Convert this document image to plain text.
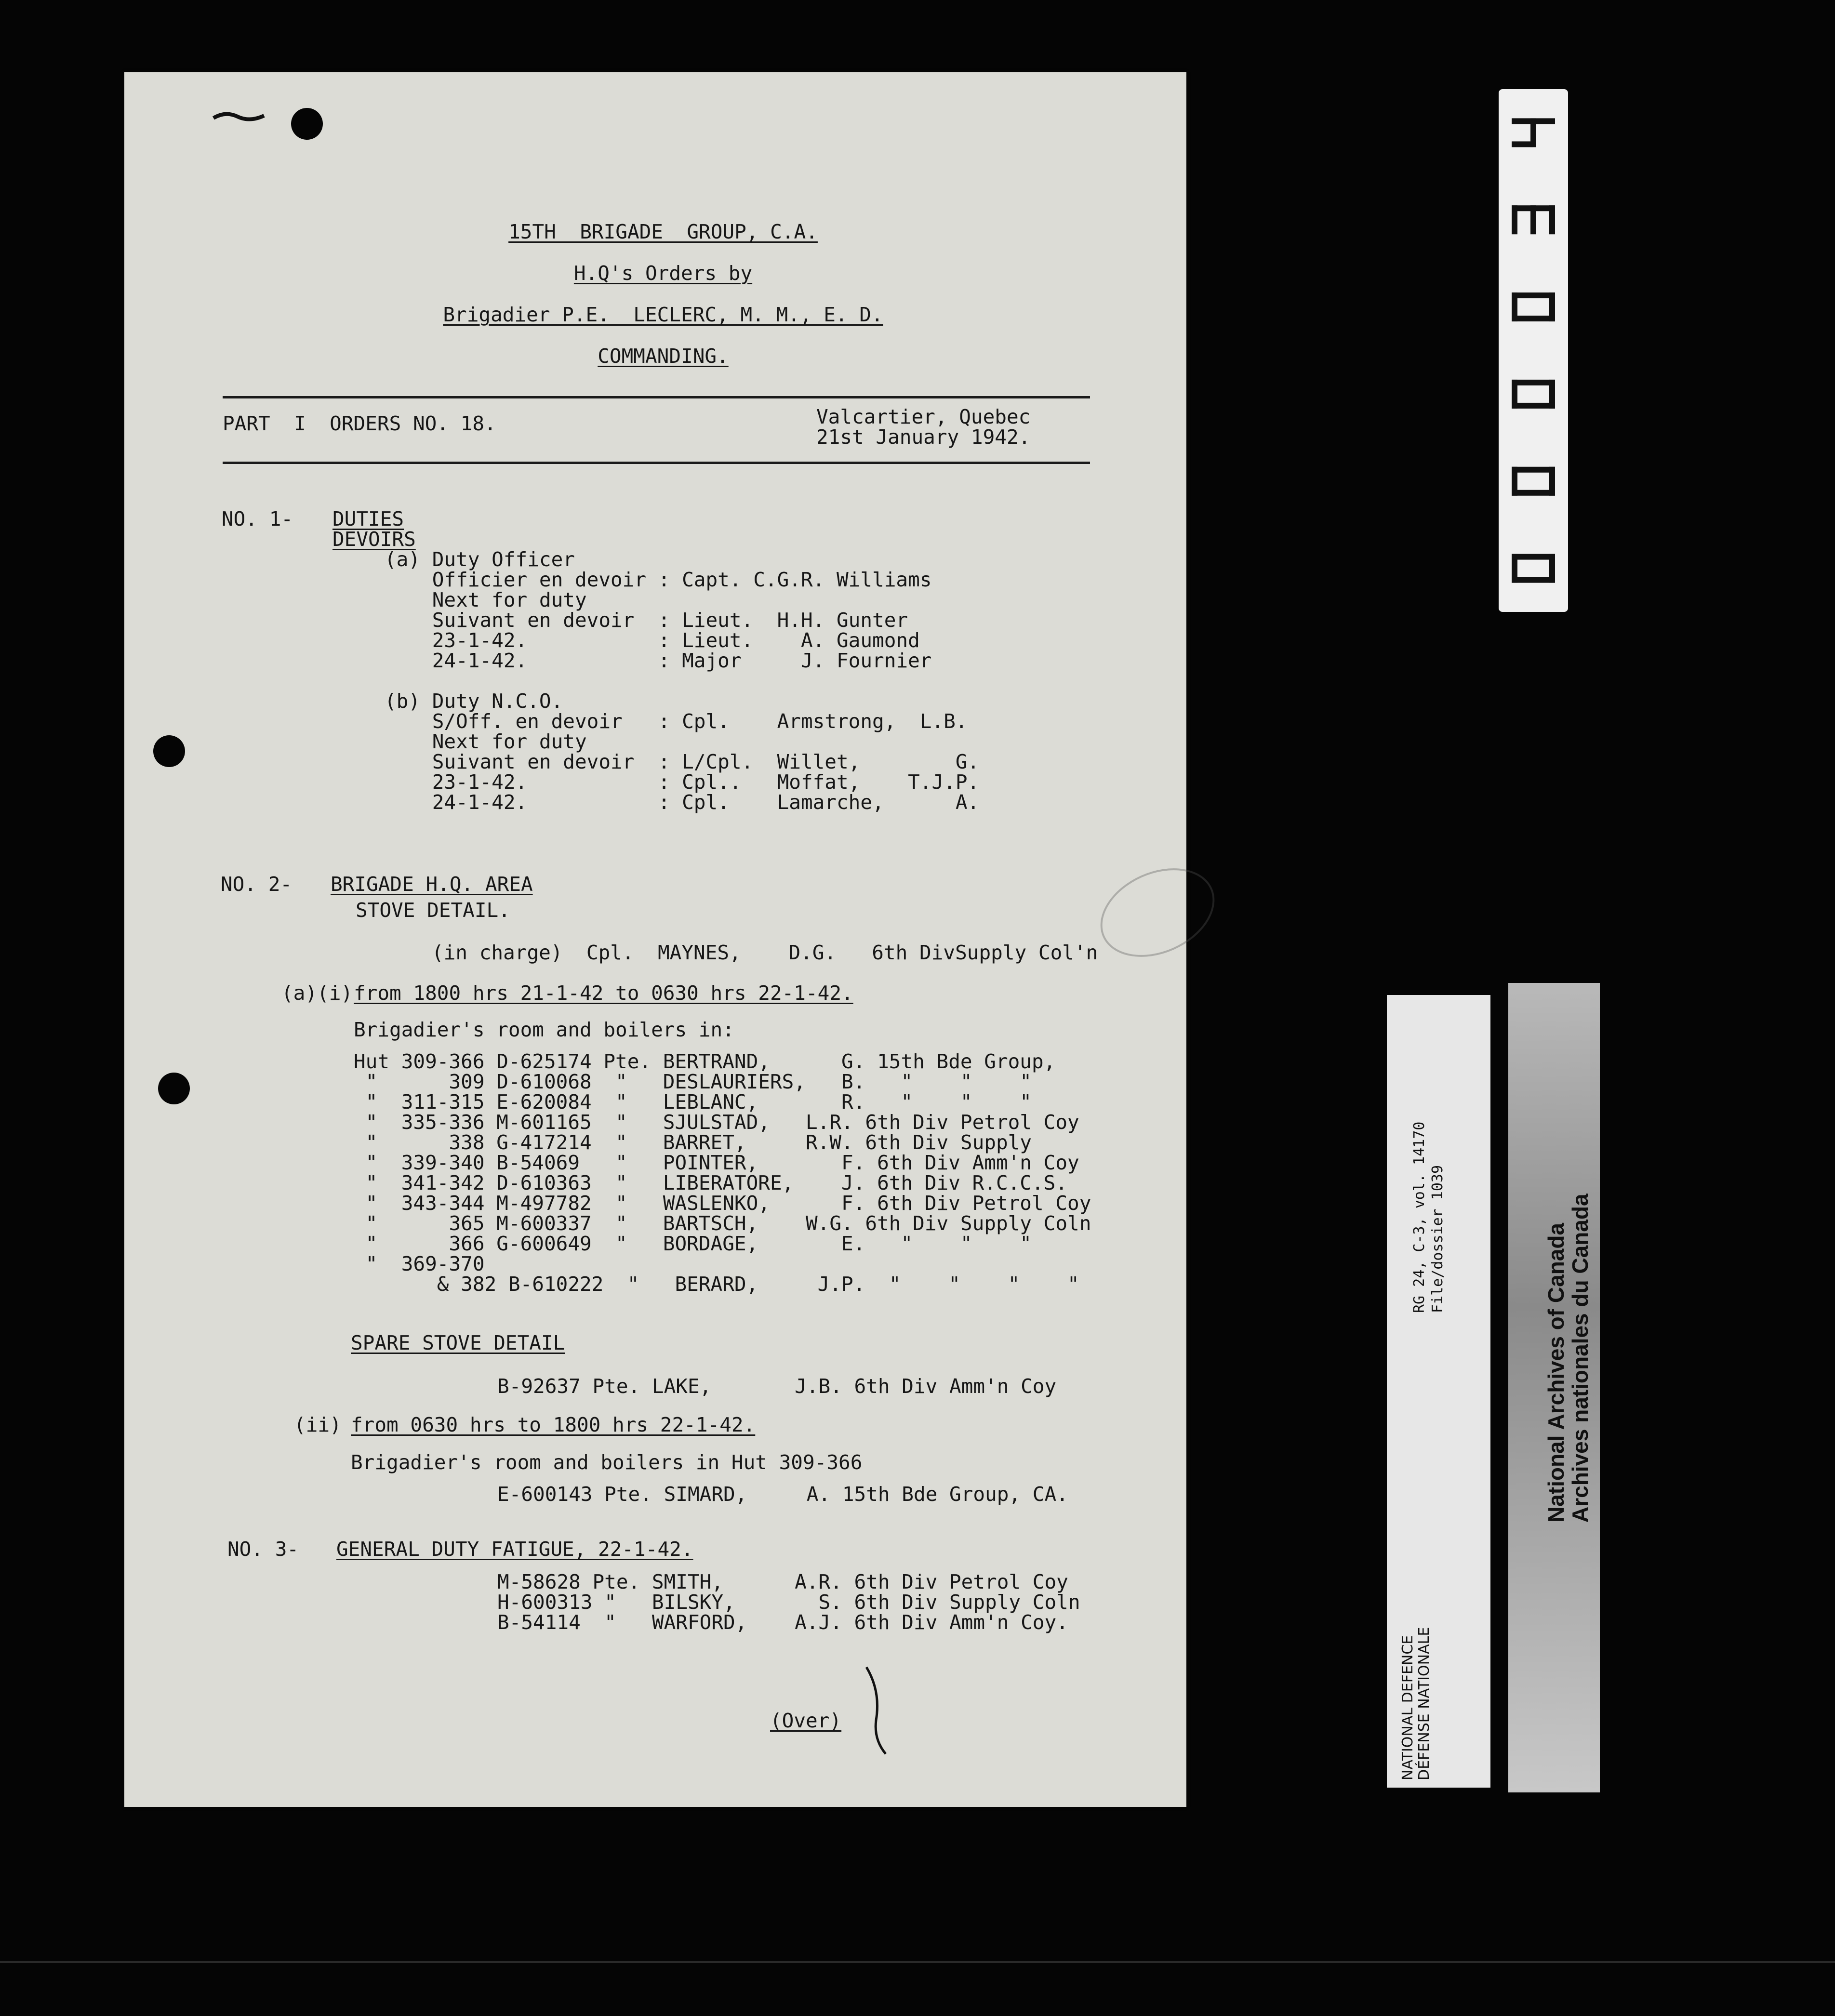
15TH  BRIGADE  GROUP, C.A.
H.Q's Orders by
Brigadier P.E.  LECLERC, M. M., E. D.
COMMANDING.
PART  I  ORDERS NO. 18.	Valcartier, Quebec
21st January 1942.
NO. 1- DUTIES
DEVOIRS
(a) Duty Officer
Officier en devoir : Capt. C.G.R. Williams
Next for duty
Suivant en devoir  : Lieut.  H.H. Gunter
23-1-42.           : Lieut.    A. Gaumond
24-1-42.           : Major     J. Fournier
(b) Duty N.C.O.
S/Off. en devoir   : Cpl.    Armstrong,  L.B.
Next for duty
Suivant en devoir  : L/Cpl.  Willet,        G.
23-1-42.           : Cpl..   Moffat,    T.J.P.
24-1-42.           : Cpl.    Lamarche,      A.
NO. 2- BRIGADE H.Q. AREA
STOVE DETAIL.
(in charge)  Cpl.  MAYNES,    D.G.   6th DivSupply Col'n
(a)(i) from 1800 hrs 21-1-42 to 0630 hrs 22-1-42.
Brigadier's room and boilers in:
Hut 309-366 D-625174 Pte. BERTRAND,      G. 15th Bde Group,
"      309 D-610068  "   DESLAURIERS,   B.   "    "    "
"  311-315 E-620084  "   LEBLANC,       R.   "    "    "
"  335-336 M-601165  "   SJULSTAD,   L.R. 6th Div Petrol Coy
"      338 G-417214  "   BARRET,     R.W. 6th Div Supply
"  339-340 B-54069   "   POINTER,       F. 6th Div Amm'n Coy
"  341-342 D-610363  "   LIBERATORE,    J. 6th Div R.C.C.S.
"  343-344 M-497782  "   WASLENKO,      F. 6th Div Petrol Coy
"      365 M-600337  "   BARTSCH,    W.G. 6th Div Supply Coln
"      366 G-600649  "   BORDAGE,       E.   "    "    "
"  369-370
& 382 B-610222  "   BERARD,     J.P.  "    "    "    "
SPARE STOVE DETAIL
B-92637 Pte. LAKE,       J.B. 6th Div Amm'n Coy
(ii) from 0630 hrs to 1800 hrs 22-1-42.
Brigadier's room and boilers in Hut 309-366
E-600143 Pte. SIMARD,     A. 15th Bde Group, CA.
NO. 3- GENERAL DUTY FATIGUE, 22-1-42.
M-58628 Pte. SMITH,      A.R. 6th Div Petrol Coy
H-600313 "   BILSKY,       S. 6th Div Supply Coln
B-54114  "   WARFORD,    A.J. 6th Div Amm'n Coy.
(Over)
RG 24, C-3, vol. 14170 File/dossier 1039
NATIONAL DEFENCE DÉFENSE NATIONALE
National Archives of Canada
Archives nationales du Canada
